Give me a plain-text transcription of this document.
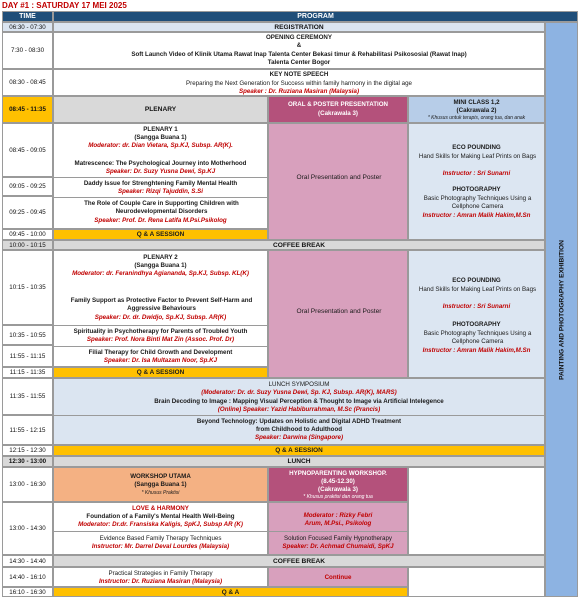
DAY #1 : SATURDAY 17 MEI 2025
TIME	PROGRAM
PAINTING AND PHOTOGRAPHY EXHIBITION
06:30 - 07:30
7:30 - 08:30
08:30 - 08:45
08:45 - 11:35
08:45 - 09:05
09:05 - 09:25
09:25 - 09:45
09:45 - 10:00
10:00 - 10:15
10:15 - 10:35
10:35 - 10:55
11:55 - 11:15
11:15 - 11:35
11:35 - 11:55
11:55 - 12:15
12:15 - 12:30
12:30 - 13:00
13:00 - 16:30
13:00 - 14:30
14:30 - 14:40
14:40 - 16:10
16:10 - 16:30
REGISTRATION
OPENING CEREMONY
&
Soft Launch Video of Klinik Utama Rawat Inap Talenta Center Bekasi timur & Rehabilitasi Psikososial (Rawat Inap)
Talenta Center Bogor
KEY NOTE SPEECH
Preparing the Next Generation for Success within family harmony in the digital age
Speaker : Dr. Ruziana Masiran (Malaysia)
PLENARY
ORAL & POSTER PRESENTATION
(Cakrawala 3)
MINI CLASS 1,2
(Cakrawala 2)
* Khusus untuk terapis, orang tua, dan anak
PLENARY 1
(Sangga Buana 1)
Moderator: dr. Dian Vietara, Sp.KJ, Subsp. AR(K).
Matrescence: The Psychological Journey into Motherhood
Speaker: Dr. Suzy Yusna Dewi, Sp.KJ
Daddy Issue for Strenghtening Family Mental Health
Speaker: Rizqi Tajuddin, S.Si
The Role of Couple Care in Supporting Children with Neurodevelopmental Disorders
Speaker: Prof. Dr. Rena Latifa M.Psi.Psikolog
Q & A SESSION
Oral Presentation and Poster
ECO POUNDING
Hand Skills for Making Leaf Prints on Bags
Instructor : Sri Sunarni
PHOTOGRAPHY
Basic Photography Techniques Using a Cellphone Camera
Instructor : Amran Malik Hakim,M.Sn
COFFEE BREAK
PLENARY 2
(Sangga Buana 1)
Moderator: dr. Feranindhya Agiananda, Sp.KJ, Subsp. KL(K)
Family Support as Protective Factor to Prevent Self-Harm and Aggressive Behaviours
Speaker: Dr. dr. Dwidjo, Sp.KJ, Subsp. AR(K)
Spirituality in Psychotherapy for Parents of Troubled Youth
Speaker: Prof. Nora Binti Mat Zin (Assoc. Prof. Dr)
Filial Therapy for Child Growth and Development
Speaker: Dr. Isa Multazam Noor, Sp.KJ
Q & A SESSION
Oral Presentation and Poster
ECO POUNDING
Hand Skills for Making Leaf Prints on Bags
Instructor : Sri Sunarni
PHOTOGRAPHY
Basic Photography Techniques Using a Cellphone Camera
Instructor : Amran Malik Hakim,M.Sn
LUNCH SYMPOSIUM
(Moderator: Dr. dr. Suzy Yusna Dewi, Sp. KJ, Subsp. AR(K), MARS)
Brain Decoding to Image : Mapping Visual Perception & Thought to Image via Artificial Intelegence
(Online) Speaker: Yazid Habiburrahman, M.Sc (Prancis)
Beyond Technology: Updates on Holistic and Digital ADHD Treatment
from Childhood to Adulthood
Speaker: Darwina (Singapore)
Q & A SESSION
LUNCH
WORKSHOP UTAMA
(Sangga Buana 1)
* Khusus Praktisi
HYPNOPARENTING WORKSHOP.
(8.45-12.30)
(Cakrawala 3)
* Khusus praktisi dan orang tua
LOVE & HARMONY
Foundation of a Family's Mental Health Well-Being
Moderator: Dr.dr. Fransiska Kaligis, SpKJ, Subsp AR (K)
Evidence Based Family Therapy Techniques
Instructor: Mr. Darrel Deval Lourdes (Malaysia)
Moderator : Rizky Febri
Arum, M.Psi., Psikolog
Solution Focused Family Hypnotherapy
Speaker: Dr. Achmad Chumaidi, SpKJ
COFFEE BREAK
Practical Strategies in Family Therapy
Instructor: Dr. Ruziana Masiran (Malaysia)
Continue
Q & A
